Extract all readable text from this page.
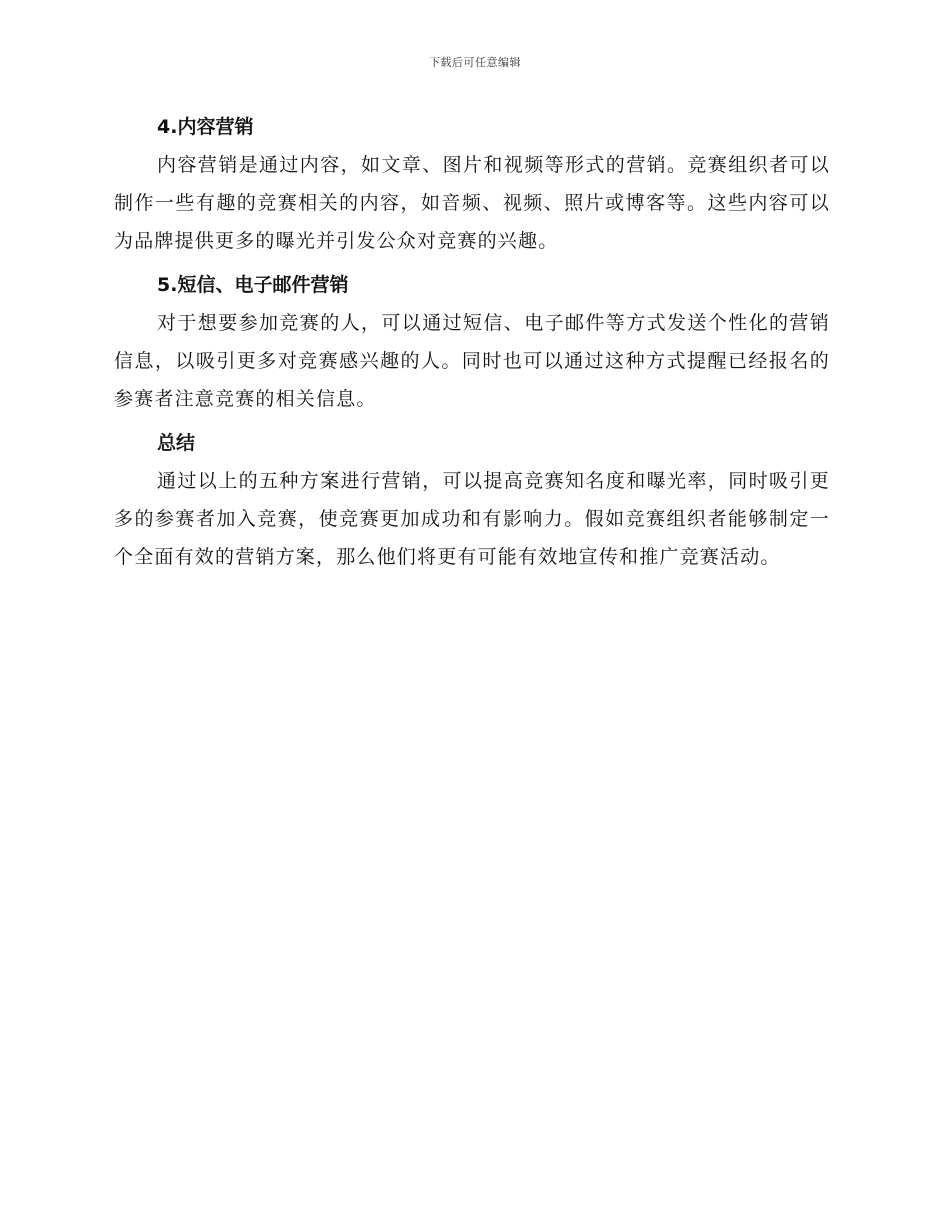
下载后可任意编辑
4.内容营销

内容营销是通过内容，如文章、图片和视频等形式的营销。竞赛组织者可以制作一些有趣的竞赛相关的内容，如音频、视频、照片或博客等。这些内容可以为品牌提供更多的曝光并引发公众对竞赛的兴趣。

5.短信、电子邮件营销

对于想要参加竞赛的人，可以通过短信、电子邮件等方式发送个性化的营销信息，以吸引更多对竞赛感兴趣的人。同时也可以通过这种方式提醒已经报名的参赛者注意竞赛的相关信息。

总结

通过以上的五种方案进行营销，可以提高竞赛知名度和曝光率，同时吸引更多的参赛者加入竞赛，使竞赛更加成功和有影响力。假如竞赛组织者能够制定一个全面有效的营销方案，那么他们将更有可能有效地宣传和推广竞赛活动。
